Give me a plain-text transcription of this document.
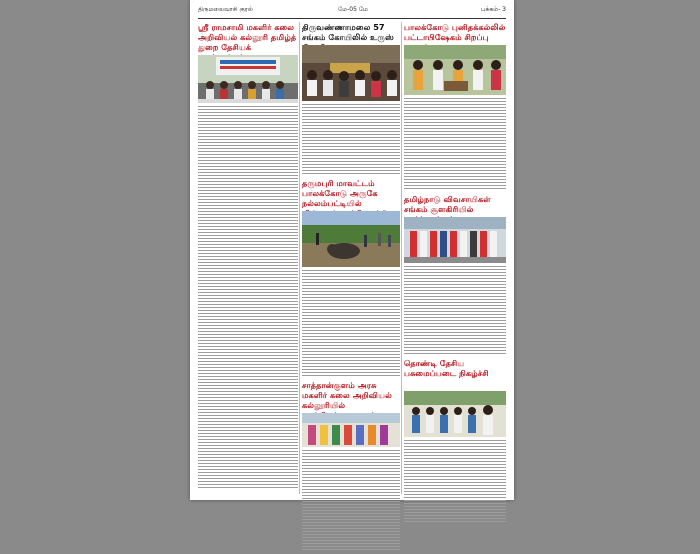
திருமலைவாசி குரல்	மே-05 மே	பக்கம்- 3
ஸ்ரீ ராமசாமி மகளிர் கலை அறிவியல் கல்லூரி தமிழ்த் துறை தேசியக்
திருவண்ணாமலை 57 சங்கம் கோயிலில் உருஸ்
தருமபுரி மாவட்டம் பாலக்கோடு அருகே நல்லம்பட்டியில்
சாத்தான்குளம் அரசு மகளிர் கலை அறிவியல் கல்லூரியில்
பாலக்கோடு புனிதக்கல்லில் பட்டாபிஷேகம் சிறப்பு
தமிழ்நாடு விவசாயிகள் சங்கம் சூளகிரியில்
தொண்டி தேசிய பசுமைப்படை நிகழ்ச்சி
